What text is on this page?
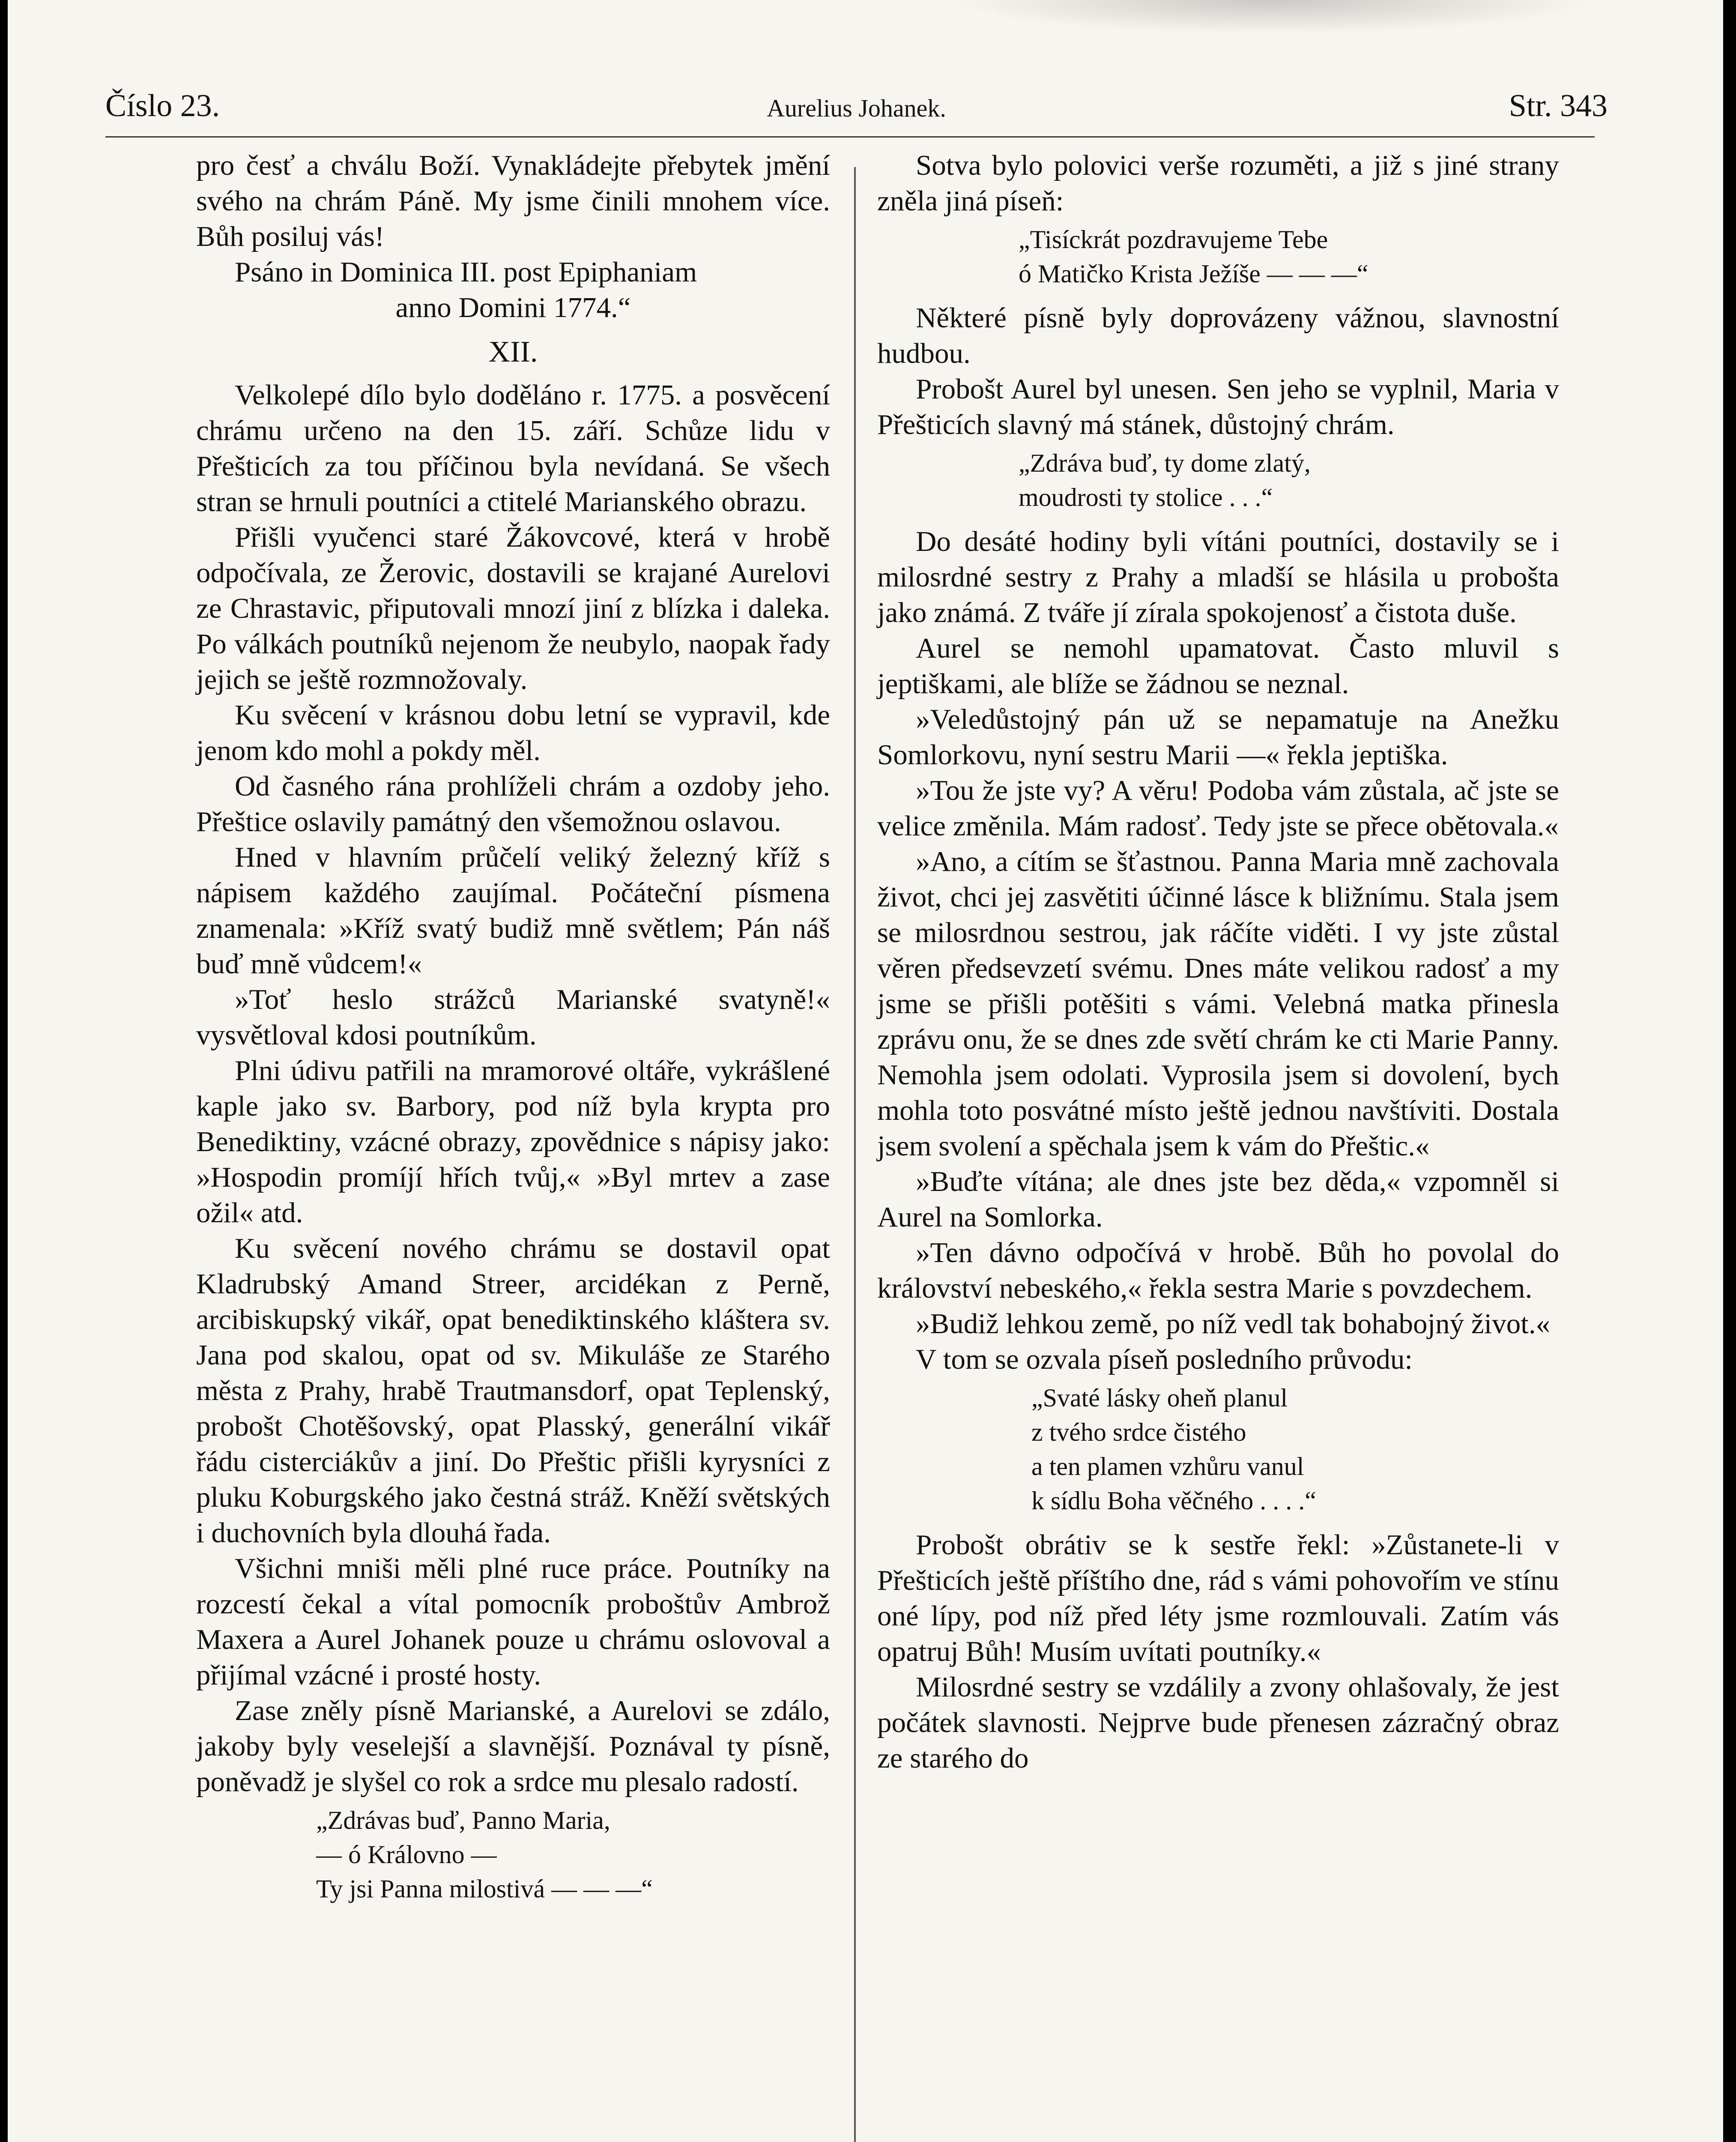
Číslo 23.	Aurelius Johanek.	Str. 343

pro česť a chválu Boží. Vynakládejte přebytek jmění svého na chrám Páně. My jsme činili mnohem více. Bůh posiluj vás!

Psáno in Dominica III. post Epiphaniam

anno Domini 1774.“

XII.

Velkolepé dílo bylo doděláno r. 1775. a posvěcení chrámu určeno na den 15. září. Schůze lidu v Přešticích za tou příčinou byla nevídaná. Se všech stran se hrnuli poutníci a ctitelé Marianského obrazu.

Přišli vyučenci staré Žákovcové, která v hrobě odpočívala, ze Žerovic, dostavili se krajané Aurelovi ze Chrastavic, připutovali mnozí jiní z blízka i daleka. Po válkách poutníků nejenom že neubylo, naopak řady jejich se ještě rozmnožovaly.

Ku svěcení v krásnou dobu letní se vypravil, kde jenom kdo mohl a pokdy měl.

Od časného rána prohlíželi chrám a ozdoby jeho. Přeštice oslavily památný den všemožnou oslavou.

Hned v hlavním průčelí veliký železný kříž s nápisem každého zaujímal. Počáteční písmena znamenala: »Kříž svatý budiž mně světlem; Pán náš buď mně vůdcem!«

»Toť heslo strážců Marianské svatyně!« vysvětloval kdosi poutníkům.

Plni údivu patřili na mramorové oltáře, vykrášlené kaple jako sv. Barbory, pod níž byla krypta pro Benediktiny, vzácné obrazy, zpovědnice s nápisy jako: »Hospodin promíjí hřích tvůj,« »Byl mrtev a zase ožil« atd.

Ku svěcení nového chrámu se dostavil opat Kladrubský Amand Streer, arcidékan z Perně, arcibiskupský vikář, opat benediktinského kláštera sv. Jana pod skalou, opat od sv. Mikuláše ze Starého města z Prahy, hrabě Trautmansdorf, opat Teplenský, probošt Chotěšovský, opat Plasský, generální vikář řádu cisterciákův a jiní. Do Přeštic přišli kyrysníci z pluku Koburgského jako čestná stráž. Kněží světských i duchovních byla dlouhá řada.

Všichni mniši měli plné ruce práce. Poutníky na rozcestí čekal a vítal pomocník proboštův Ambrož Maxera a Aurel Johanek pouze u chrámu oslovoval a přijímal vzácné i prosté hosty.

Zase zněly písně Marianské, a Aurelovi se zdálo, jakoby byly veselejší a slavnější. Poznával ty písně, poněvadž je slyšel co rok a srdce mu plesalo radostí.

„Zdrávas buď, Panno Maria,
— ó Královno —
Ty jsi Panna milostivá — — —“

Sotva bylo polovici verše rozuměti, a již s jiné strany zněla jiná píseň:

„Tisíckrát pozdravujeme Tebe
ó Matičko Krista Ježíše — — —“

Některé písně byly doprovázeny vážnou, slavnostní hudbou.

Probošt Aurel byl unesen. Sen jeho se vyplnil, Maria v Přešticích slavný má stánek, důstojný chrám.

„Zdráva buď, ty dome zlatý,
moudrosti ty stolice . . .“

Do desáté hodiny byli vítáni poutníci, dostavily se i milosrdné sestry z Prahy a mladší se hlásila u probošta jako známá. Z tváře jí zírala spokojenosť a čistota duše.

Aurel se nemohl upamatovat. Často mluvil s jeptiškami, ale blíže se žádnou se neznal.

»Veledůstojný pán už se nepamatuje na Anežku Somlorkovu, nyní sestru Marii —« řekla jeptiška.

»Tou že jste vy? A věru! Podoba vám zůstala, ač jste se velice změnila. Mám radosť. Tedy jste se přece obětovala.«

»Ano, a cítím se šťastnou. Panna Maria mně zachovala život, chci jej zasvětiti účinné lásce k bližnímu. Stala jsem se milosrdnou sestrou, jak ráčíte viděti. I vy jste zůstal věren předsevzetí svému. Dnes máte velikou radosť a my jsme se přišli potěšiti s vámi. Velebná matka přinesla zprávu onu, že se dnes zde světí chrám ke cti Marie Panny. Nemohla jsem odolati. Vyprosila jsem si dovolení, bych mohla toto posvátné místo ještě jednou navštíviti. Dostala jsem svolení a spěchala jsem k vám do Přeštic.«

»Buďte vítána; ale dnes jste bez děda,« vzpomněl si Aurel na Somlorka.

»Ten dávno odpočívá v hrobě. Bůh ho povolal do království nebeského,« řekla sestra Marie s povzdechem.

»Budiž lehkou země, po níž vedl tak bohabojný život.«

V tom se ozvala píseň posledního průvodu:

„Svaté lásky oheň planul
z tvého srdce čistého
a ten plamen vzhůru vanul
k sídlu Boha věčného . . . .“

Probošt obrátiv se k sestře řekl: »Zůstanete-li v Přešticích ještě příštího dne, rád s vámi pohovořím ve stínu oné lípy, pod níž před léty jsme rozmlouvali. Zatím vás opatruj Bůh! Musím uvítati poutníky.«

Milosrdné sestry se vzdálily a zvony ohlašovaly, že jest počátek slavnosti. Nejprve bude přenesen zázračný obraz ze starého do
